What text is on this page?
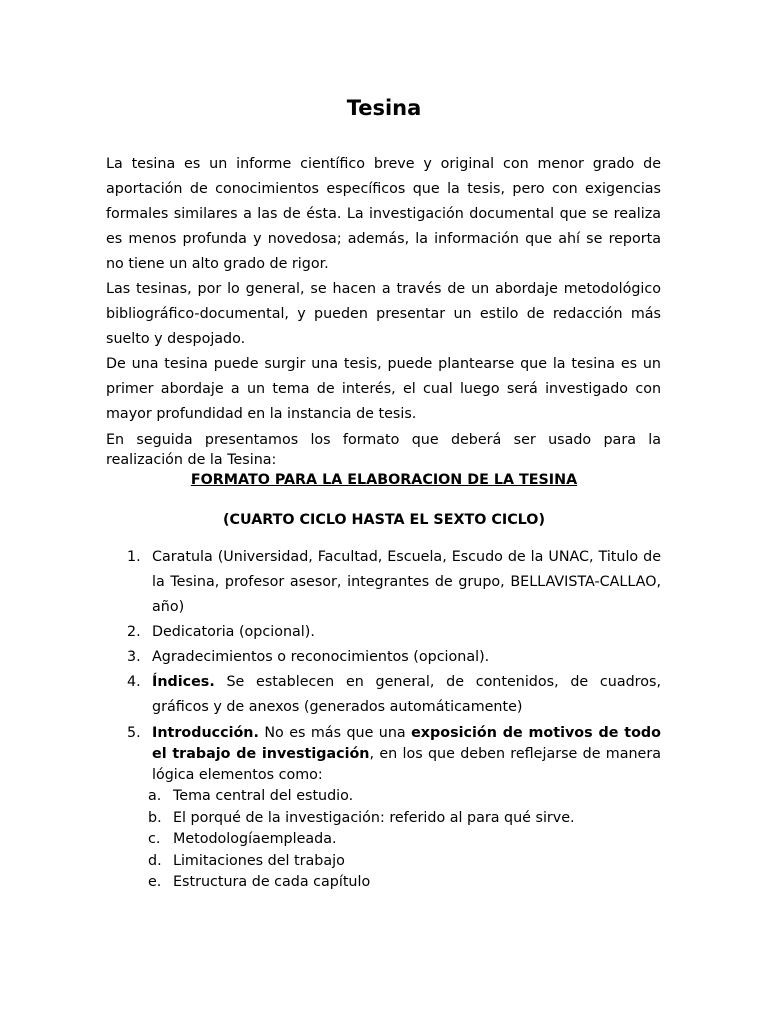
Tesina

La tesina es un informe científico breve y original con menor grado de aportación de conocimientos específicos que la tesis, pero con exigencias formales similares a las de ésta. La investigación documental que se realiza es menos profunda y novedosa; además, la información que ahí se reporta no tiene un alto grado de rigor.

Las tesinas, por lo general, se hacen a través de un abordaje metodológico bibliográfico-documental, y pueden presentar un estilo de redacción más suelto y despojado.

De una tesina puede surgir una tesis, puede plantearse que la tesina es un primer abordaje a un tema de interés, el cual luego será investigado con mayor profundidad en la instancia de tesis.

En seguida presentamos los formato que deberá ser usado para la realización de la Tesina:

FORMATO PARA LA ELABORACION DE LA TESINA

(CUARTO CICLO HASTA EL SEXTO CICLO)

1. Caratula (Universidad, Facultad, Escuela, Escudo de la UNAC, Titulo de la Tesina, profesor asesor, integrantes de grupo, BELLAVISTA-CALLAO, año)
2. Dedicatoria (opcional).
3. Agradecimientos o reconocimientos (opcional).
4. Índices. Se establecen en general, de contenidos, de cuadros, gráficos y de anexos (generados automáticamente)
5. Introducción. No es más que una exposición de motivos de todo el trabajo de investigación, en los que deben reflejarse de manera lógica elementos como:
a. Tema central del estudio.
b. El porqué de la investigación: referido al para qué sirve.
c. Metodologíaempleada.
d. Limitaciones del trabajo
e. Estructura de cada capítulo
